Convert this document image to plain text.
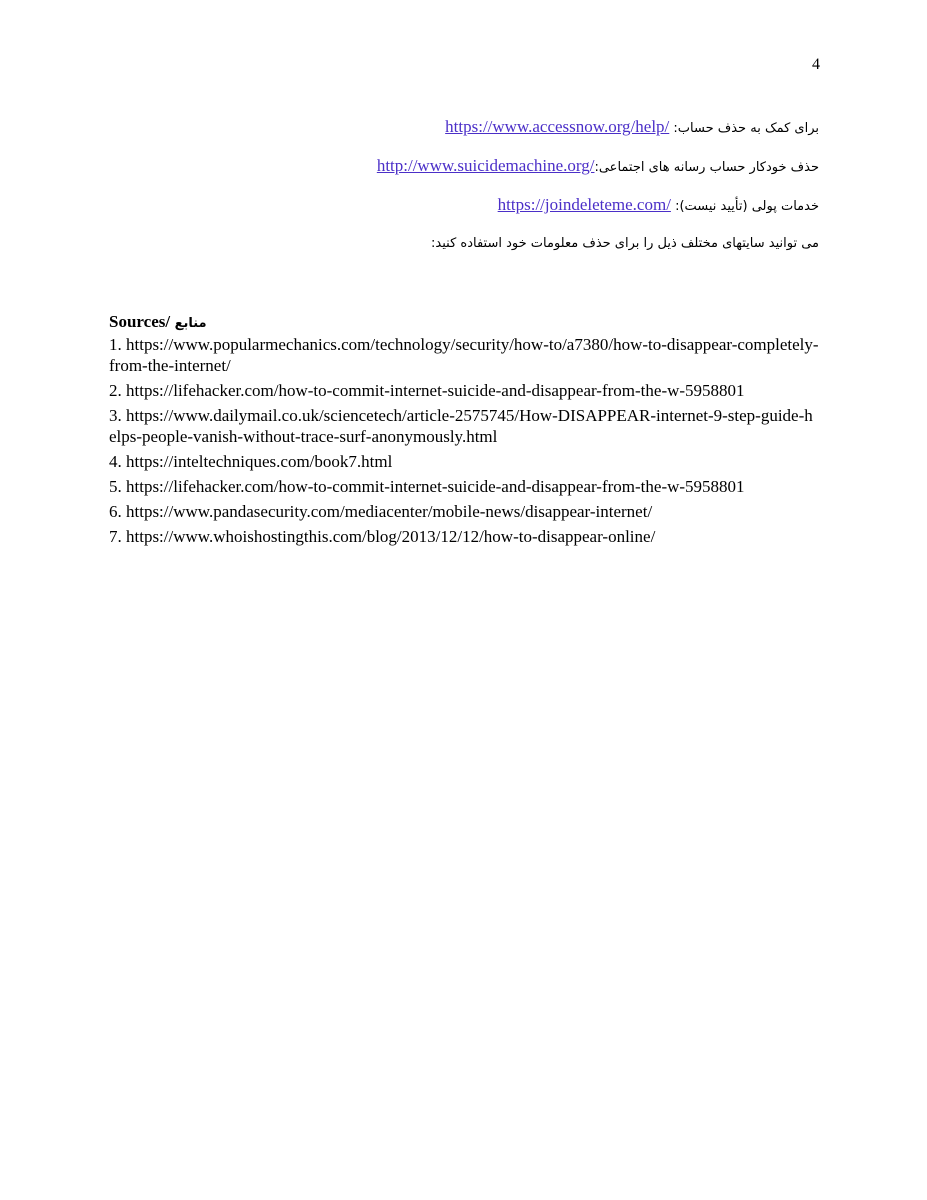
4
برای کمک به حذف حساب: https://www.accessnow.org/help/
حذف خودکار حساب رسانه های اجتماعی:http://www.suicidemachine.org/
خدمات پولی (تأیید نیست): https://joindeleteme.com/
می توانید سایتهای مختلف ذیل را برای حذف معلومات خود استفاده کنید:
Sources/ منابع
1. https://www.popularmechanics.com/technology/security/how-to/a7380/how-to-disappear-completely-from-the-internet/
2. https://lifehacker.com/how-to-commit-internet-suicide-and-disappear-from-the-w-5958801
3. https://www.dailymail.co.uk/sciencetech/article-2575745/How-DISAPPEAR-internet-9-step-guide-helps-people-vanish-without-trace-surf-anonymously.html
4. https://inteltechniques.com/book7.html
5. https://lifehacker.com/how-to-commit-internet-suicide-and-disappear-from-the-w-5958801
6. https://www.pandasecurity.com/mediacenter/mobile-news/disappear-internet/
7. https://www.whoishostingthis.com/blog/2013/12/12/how-to-disappear-online/
